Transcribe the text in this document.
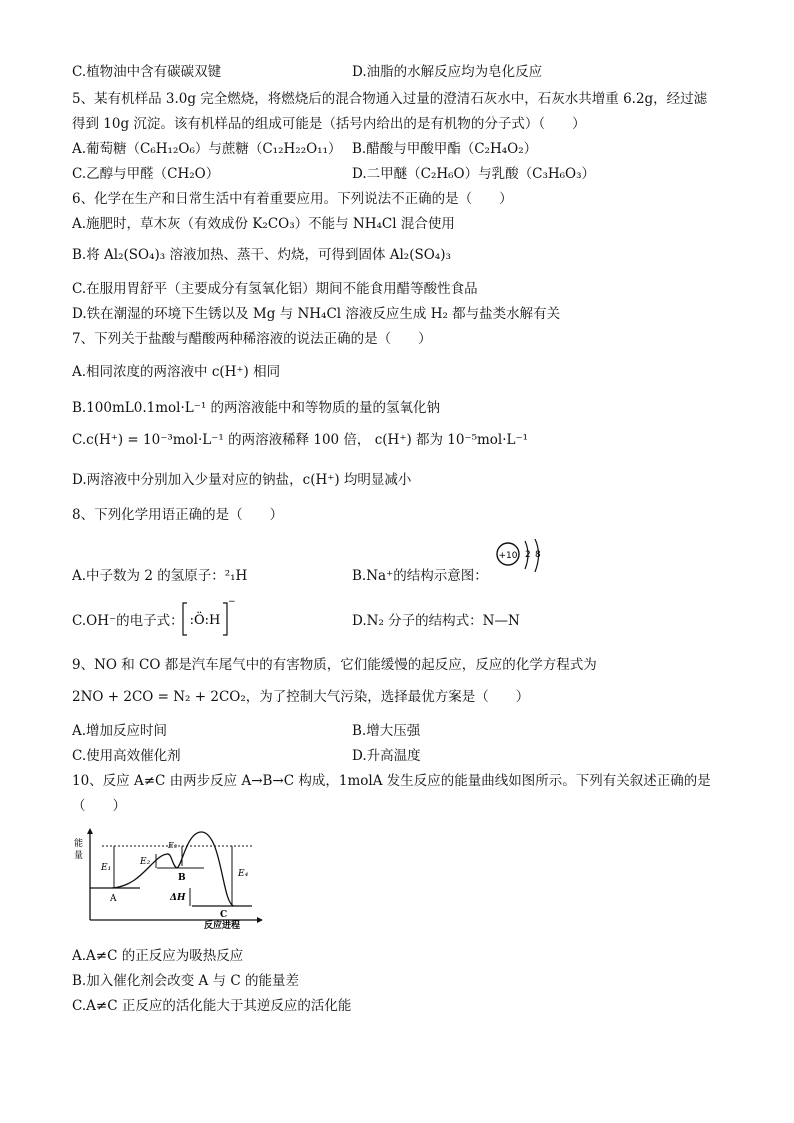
C.植物油中含有碳碳双键	D.油脂的水解反应均为皂化反应
5、某有机样品 3.0g 完全燃烧，将燃烧后的混合物通入过量的澄清石灰水中，石灰水共增重 6.2g，经过滤
得到 10g 沉淀。该有机样品的组成可能是（括号内给出的是有机物的分子式）（　　）
A.葡萄糖（C₆H₁₂O₆）与蔗糖（C₁₂H₂₂O₁₁） B.醋酸与甲酸甲酯（C₂H₄O₂）
C.乙醇与甲醛（CH₂O）	D.二甲醚（C₂H₆O）与乳酸（C₃H₆O₃）
6、化学在生产和日常生活中有着重要应用。下列说法不正确的是（　　）
A.施肥时，草木灰（有效成份 K₂CO₃）不能与 NH₄Cl 混合使用
B.将 Al₂(SO₄)₃ 溶液加热、蒸干、灼烧，可得到固体 Al₂(SO₄)₃
C.在服用胃舒平（主要成分有氢氧化铝）期间不能食用醋等酸性食品
D.铁在潮湿的环境下生锈以及 Mg 与 NH₄Cl 溶液反应生成 H₂ 都与盐类水解有关
7、下列关于盐酸与醋酸两种稀溶液的说法正确的是（　　）
A.相同浓度的两溶液中 c(H⁺) 相同
B.100mL0.1mol·L⁻¹ 的两溶液能中和等物质的量的氢氧化钠
C.c(H⁺) = 10⁻³mol·L⁻¹ 的两溶液稀释 100 倍， c(H⁺) 都为 10⁻⁵mol·L⁻¹
D.两溶液中分别加入少量对应的钠盐，c(H⁺) 均明显减小
8、下列化学用语正确的是（　　）
A.中子数为 2 的氢原子：²₁H	B.Na⁺的结构示意图：
+10 2 8
C.OH⁻的电子式： :Ö:H
−
D.N₂ 分子的结构式：N—N
9、NO 和 CO 都是汽车尾气中的有害物质，它们能缓慢的起反应，反应的化学方程式为
2NO + 2CO = N₂ + 2CO₂，为了控制大气污染，选择最优方案是（　　）
A.增加反应时间	B.增大压强
C.使用高效催化剂	D.升高温度
10、反应 A≠C 由两步反应 A→B→C 构成，1molA 发生反应的能量曲线如图所示。下列有关叙述正确的是
（　　）
能
量
反应进程
E₁
E₂
E₃
E₄
A
B
C
ΔH
A.A≠C 的正反应为吸热反应
B.加入催化剂会改变 A 与 C 的能量差
C.A≠C 正反应的活化能大于其逆反应的活化能
